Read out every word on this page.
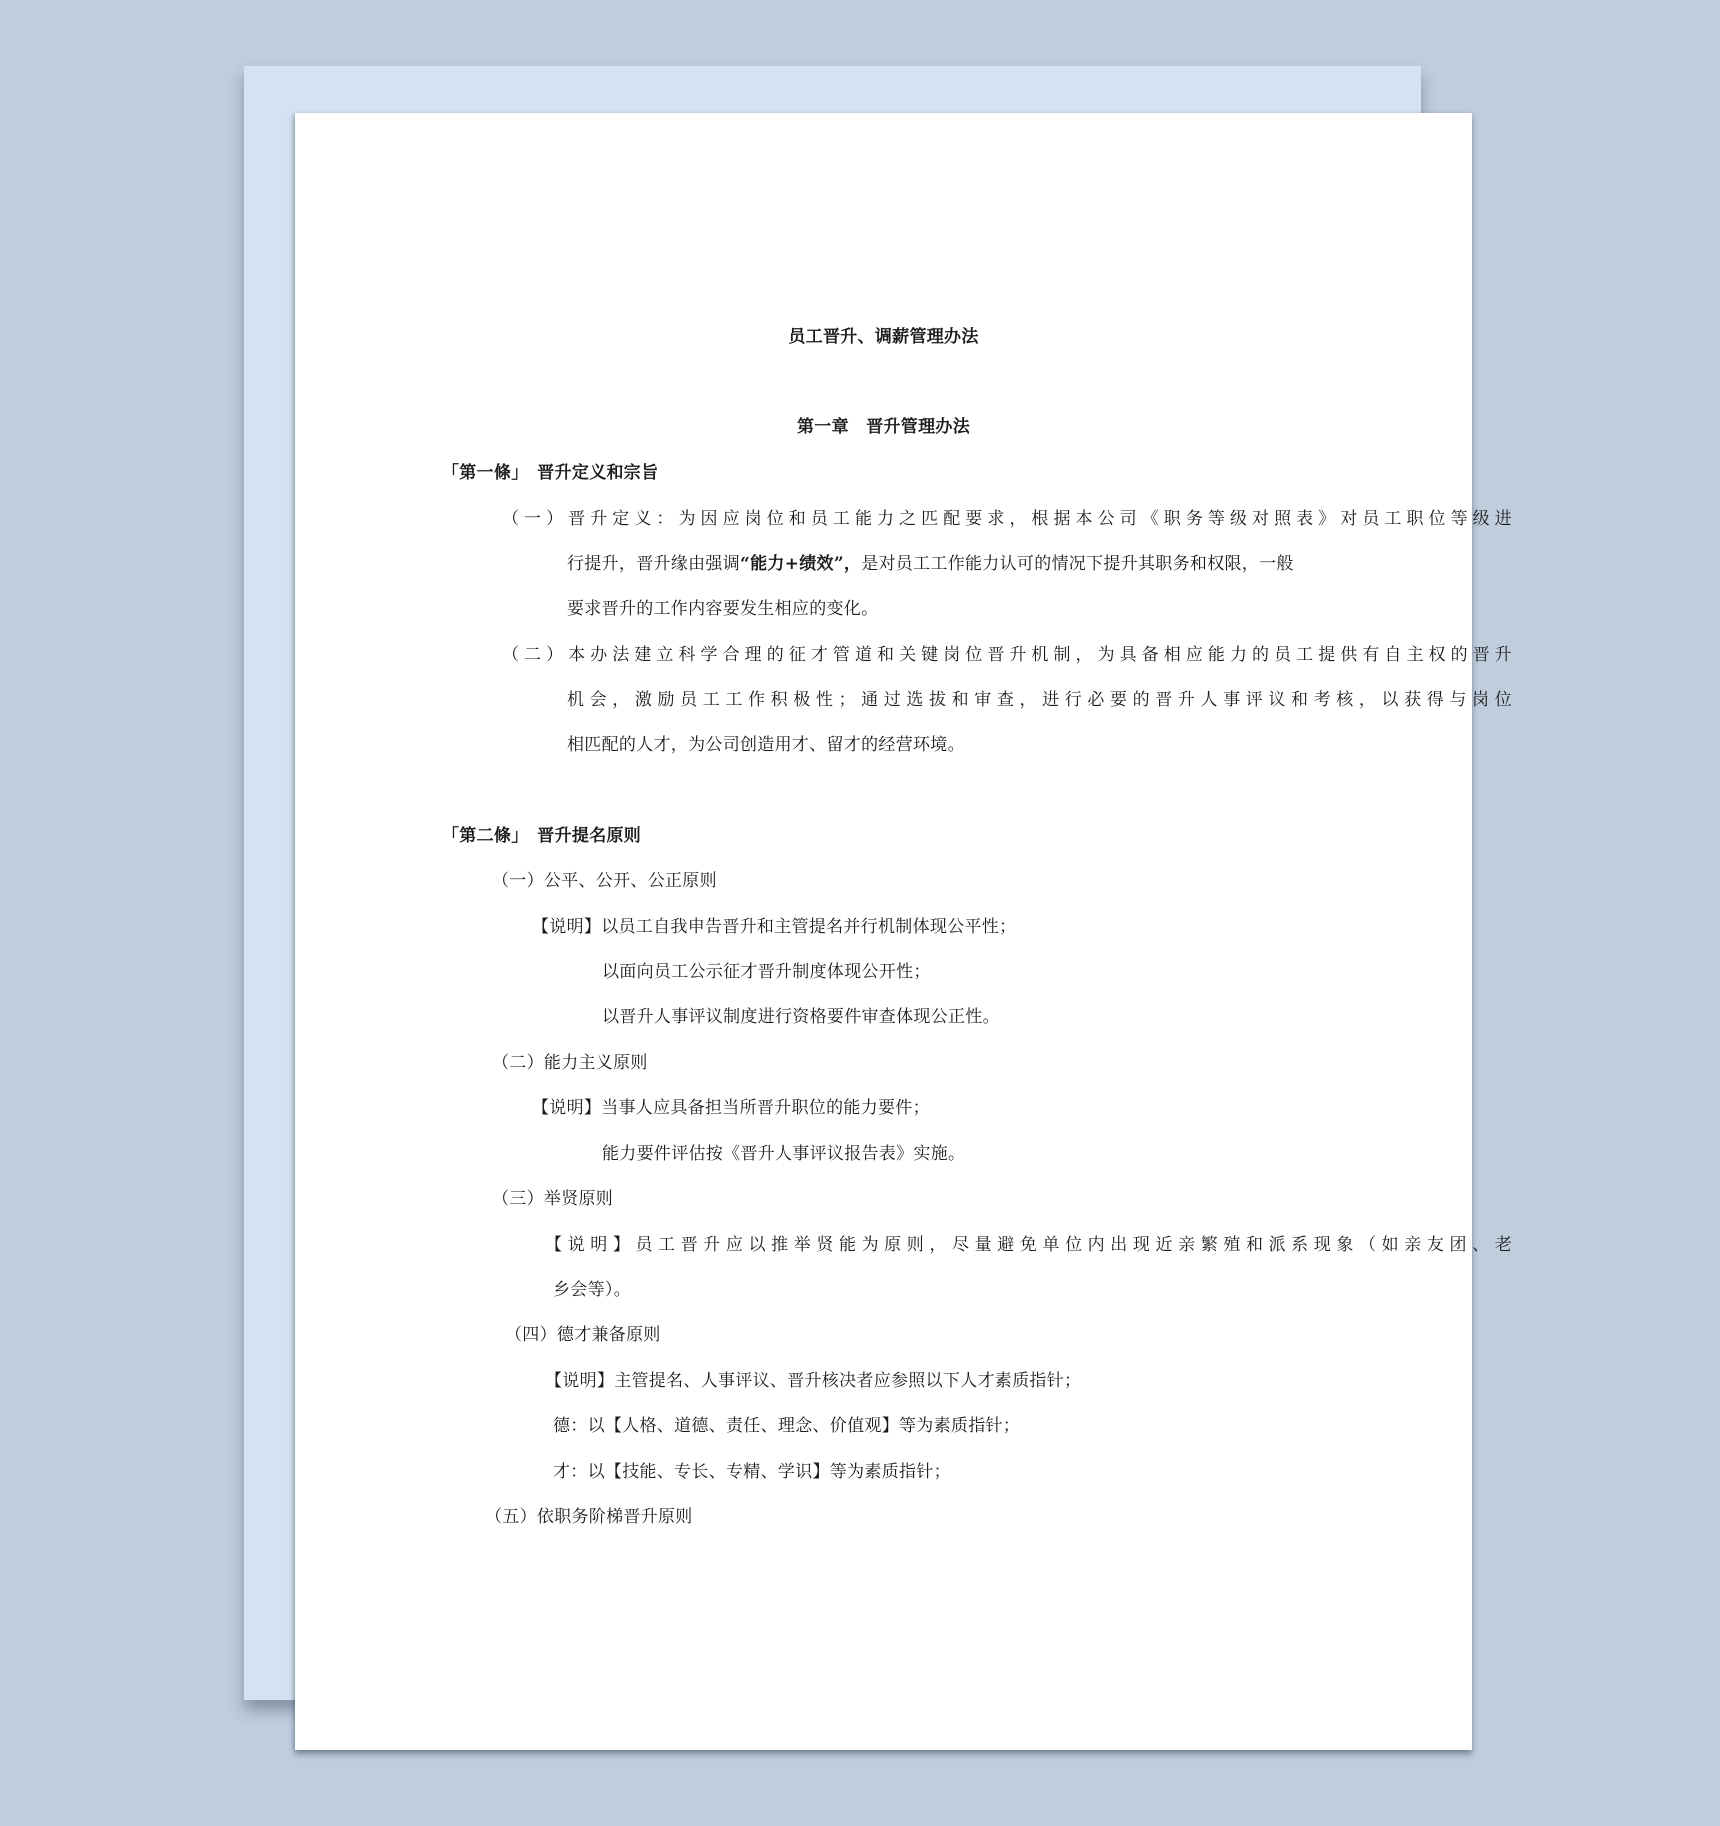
员工晋升、调薪管理办法
第一章　晋升管理办法
「第一條」　晋升定义和宗旨
（一）晋升定义：为因应岗位和员工能力之匹配要求，根据本公司《职务等级对照表》对员工职位等级进
行提升，晋升缘由强调“能力+绩效”，是对员工工作能力认可的情况下提升其职务和权限，一般
要求晋升的工作内容要发生相应的变化。
（二）本办法建立科学合理的征才管道和关键岗位晋升机制，为具备相应能力的员工提供有自主权的晋升
机会，激励员工工作积极性；通过选拔和审查，进行必要的晋升人事评议和考核，以获得与岗位
相匹配的人才，为公司创造用才、留才的经营环境。
「第二條」　晋升提名原则
（一）公平、公开、公正原则
【说明】以员工自我申告晋升和主管提名并行机制体现公平性；
以面向员工公示征才晋升制度体现公开性；
以晋升人事评议制度进行资格要件审查体现公正性。
（二）能力主义原则
【说明】当事人应具备担当所晋升职位的能力要件；
能力要件评估按《晋升人事评议报告表》实施。
（三）举贤原则
【说明】员工晋升应以推举贤能为原则，尽量避免单位内出现近亲繁殖和派系现象（如亲友团、老
乡会等）。
（四）德才兼备原则
【说明】主管提名、人事评议、晋升核决者应参照以下人才素质指针；
德：以【人格、道德、责任、理念、价值观】等为素质指针；
才：以【技能、专长、专精、学识】等为素质指针；
（五）依职务阶梯晋升原则
